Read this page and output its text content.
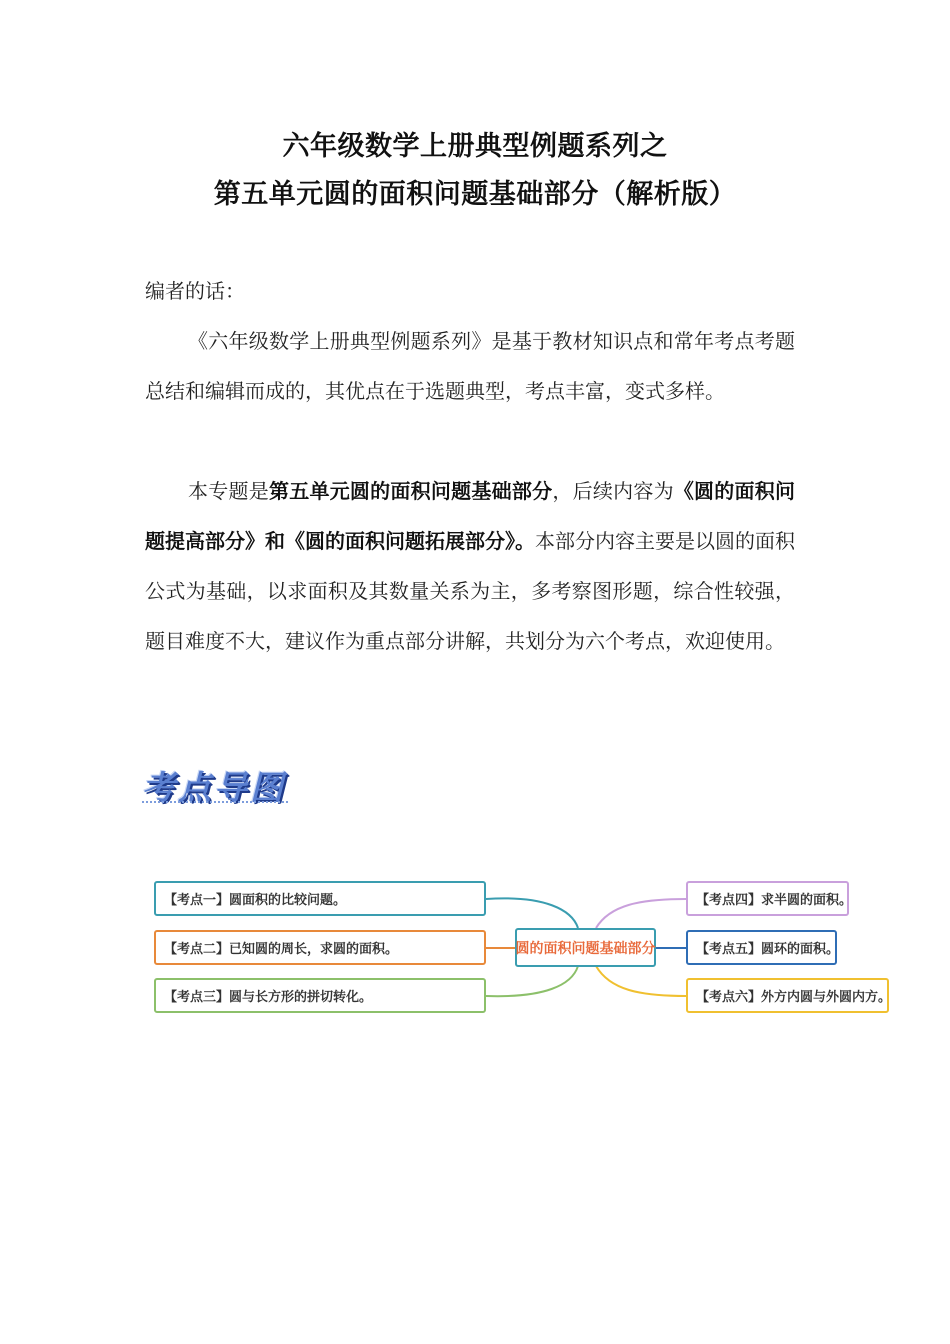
六年级数学上册典型例题系列之
第五单元圆的面积问题基础部分（解析版）
编者的话：
《六年级数学上册典型例题系列》是基于教材知识点和常年考点考题总结和编辑而成的，其优点在于选题典型，考点丰富，变式多样。
本专题是第五单元圆的面积问题基础部分，后续内容为《圆的面积问题提高部分》和《圆的面积问题拓展部分》。本部分内容主要是以圆的面积公式为基础，以求面积及其数量关系为主，多考察图形题，综合性较强，题目难度不大，建议作为重点部分讲解，共划分为六个考点，欢迎使用。
考点导图
【考点一】圆面积的比较问题。
【考点二】已知圆的周长，求圆的面积。
【考点三】圆与长方形的拼切转化。
圆的面积问题基础部分
【考点四】求半圆的面积。
【考点五】圆环的面积。
【考点六】外方内圆与外圆内方。
